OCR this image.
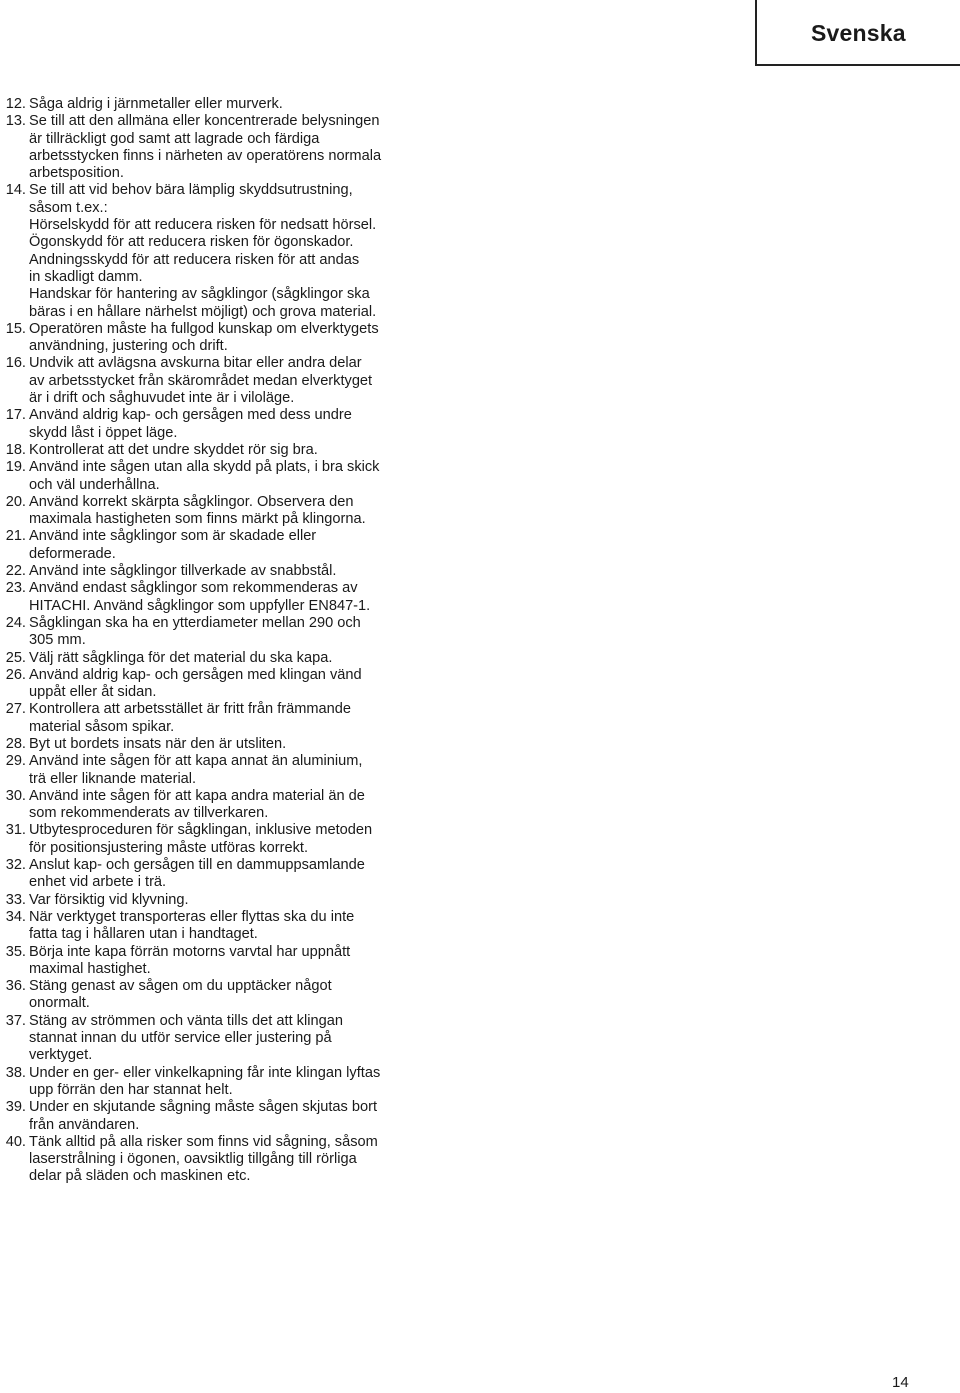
Svenska
12. Såga aldrig i järnmetaller eller murverk.
13. Se till att den allmäna eller koncentrerade belysningen
är tillräckligt god samt att lagrade och färdiga
arbetsstycken finns i närheten av operatörens normala
arbetsposition.
14. Se till att vid behov bära lämplig skyddsutrustning,
såsom t.ex.:
Hörselskydd för att reducera risken för nedsatt hörsel.
Ögonskydd för att reducera risken för ögonskador.
Andningsskydd för att reducera risken för att andas
in skadligt damm.
Handskar för hantering av sågklingor (sågklingor ska
bäras i en hållare närhelst möjligt) och grova material.
15. Operatören måste ha fullgod kunskap om elverktygets
användning, justering och drift.
16. Undvik att avlägsna avskurna bitar eller andra delar
av arbetsstycket från skärområdet medan elverktyget
är i drift och såghuvudet inte är i viloläge.
17. Använd aldrig kap- och gersågen med dess undre
skydd låst i öppet läge.
18. Kontrollerat att det undre skyddet rör sig bra.
19. Använd inte sågen utan alla skydd på plats, i bra skick
och väl underhållna.
20. Använd korrekt skärpta sågklingor. Observera den
maximala hastigheten som finns märkt på klingorna.
21. Använd inte sågklingor som är skadade eller
deformerade.
22. Använd inte sågklingor tillverkade av snabbstål.
23. Använd endast sågklingor som rekommenderas av
HITACHI. Använd sågklingor som uppfyller EN847-1.
24. Sågklingan ska ha en ytterdiameter mellan 290 och
305 mm.
25. Välj rätt sågklinga för det material du ska kapa.
26. Använd aldrig kap- och gersågen med klingan vänd
uppåt eller åt sidan.
27. Kontrollera att arbetsstället är fritt från främmande
material såsom spikar.
28. Byt ut bordets insats när den är utsliten.
29. Använd inte sågen för att kapa annat än aluminium,
trä eller liknande material.
30. Använd inte sågen för att kapa andra material än de
som rekommenderats av tillverkaren.
31. Utbytesproceduren för sågklingan, inklusive metoden
för positionsjustering måste utföras korrekt.
32. Anslut kap- och gersågen till en dammuppsamlande
enhet vid arbete i trä.
33. Var försiktig vid klyvning.
34. När verktyget transporteras eller flyttas ska du inte
fatta tag i hållaren utan i handtaget.
35. Börja inte kapa förrän motorns varvtal har uppnått
maximal hastighet.
36. Stäng genast av sågen om du upptäcker något
onormalt.
37. Stäng av strömmen och vänta tills det att klingan
stannat innan du utför service eller justering på
verktyget.
38. Under en ger- eller vinkelkapning får inte klingan lyftas
upp förrän den har stannat helt.
39. Under en skjutande sågning måste sågen skjutas bort
från användaren.
40. Tänk alltid på alla risker som finns vid sågning, såsom
laserstrålning i ögonen, oavsiktlig tillgång till rörliga
delar på släden och maskinen etc.
14
